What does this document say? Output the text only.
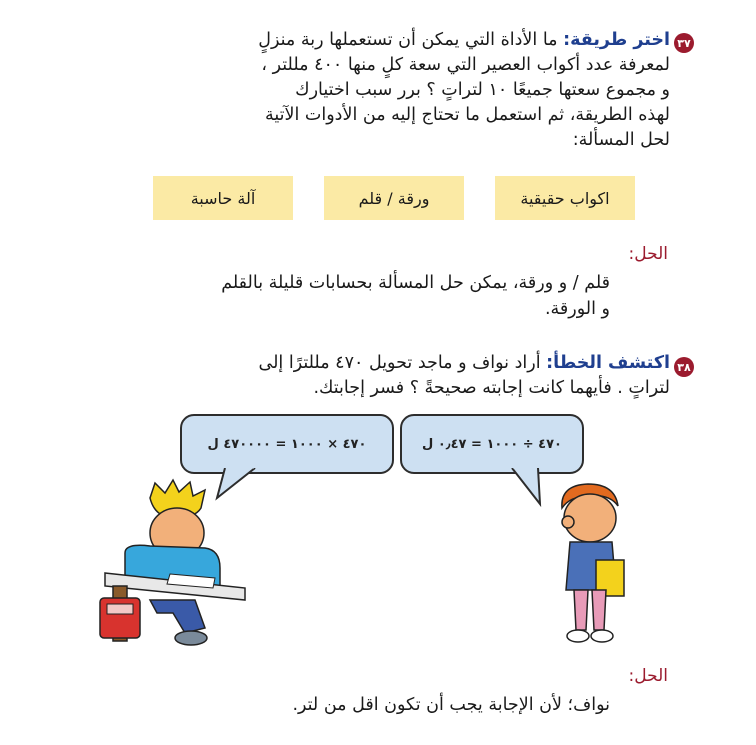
٣٧
اختر طريقة: ما الأداة التي يمكن أن تستعملها ربة منزلٍ
لمعرفة عدد أكواب العصير التي سعة كلٍ منها ٤٠٠ مللتر ،
و مجموع سعتها جميعًا ١٠ لتراتٍ ؟ برر سبب اختيارك
لهذه الطريقة، ثم استعمل ما تحتاج إليه من الأدوات الآتية
لحل المسألة:
اكواب حقيقية
ورقة / قلم
آلة حاسبة
الحل:
قلم / و ورقة، يمكن حل المسألة بحسابات قليلة بالقلم
و الورقة.
٣٨
اكتشف الخطأ: أراد نواف و ماجد تحويل ٤٧٠ مللترًا إلى
لتراتٍ . فأيهما كانت إجابته صحيحةً ؟ فسر إجابتك.
٤٧٠ ÷ ١٠٠٠ = ٠٫٤٧ ل
٤٧٠ × ١٠٠٠ = ٤٧٠٠٠٠ ل
الحل:
نواف؛ لأن الإجابة يجب أن تكون اقل من لتر.
